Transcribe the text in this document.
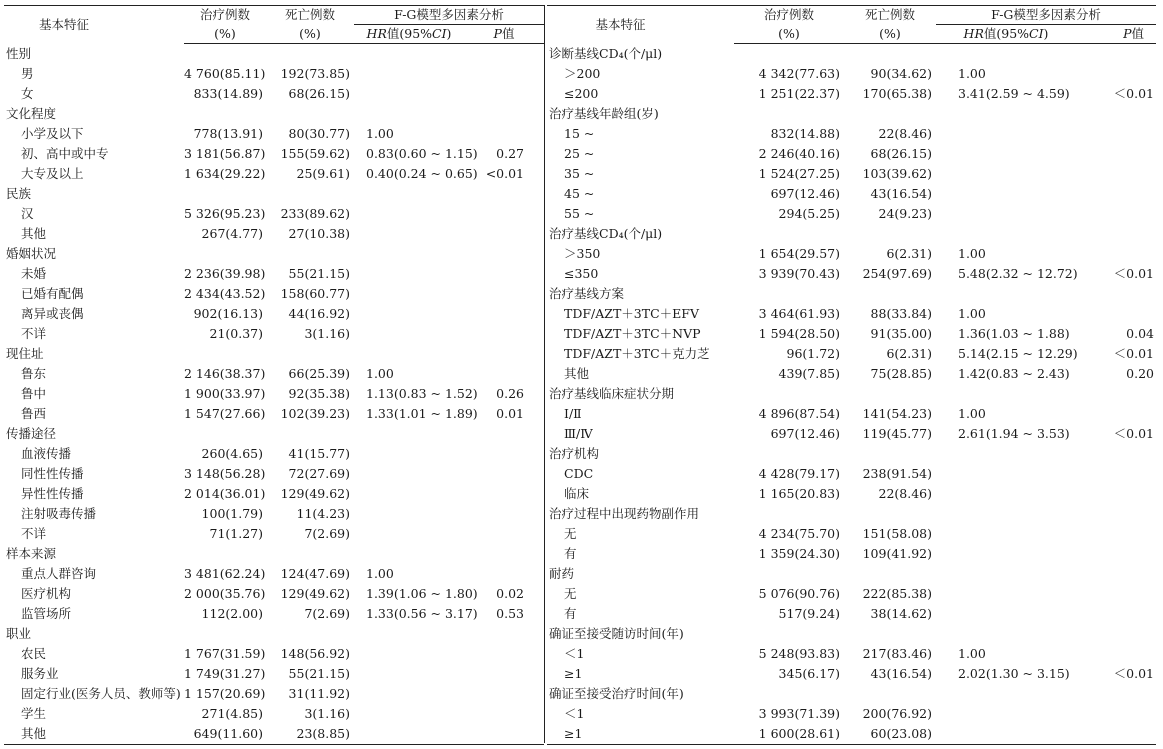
基本特征	治疗例数	死亡例数	F-G模型多因素分析	
	(%)	(%)	HR值(95%CI)	P值
性别				
男	4 760(85.11)	192(73.85)		
女	833(14.89)	68(26.15)		
文化程度				
小学及以下	778(13.91)	80(30.77)	1.00	
初、高中或中专	3 181(56.87)	155(59.62)	0.83(0.60 ~ 1.15)	0.27
大专及以上	1 634(29.22)	25(9.61)	0.40(0.24 ~ 0.65)	<0.01
民族				
汉	5 326(95.23)	233(89.62)		
其他	267(4.77)	27(10.38)		
婚姻状况				
未婚	2 236(39.98)	55(21.15)		
已婚有配偶	2 434(43.52)	158(60.77)		
离异或丧偶	902(16.13)	44(16.92)		
不详	21(0.37)	3(1.16)		
现住址				
鲁东	2 146(38.37)	66(25.39)	1.00	
鲁中	1 900(33.97)	92(35.38)	1.13(0.83 ~ 1.52)	0.26
鲁西	1 547(27.66)	102(39.23)	1.33(1.01 ~ 1.89)	0.01
传播途径				
血液传播	260(4.65)	41(15.77)		
同性性传播	3 148(56.28)	72(27.69)		
异性性传播	2 014(36.01)	129(49.62)		
注射吸毒传播	100(1.79)	11(4.23)		
不详	71(1.27)	7(2.69)		
样本来源				
重点人群咨询	3 481(62.24)	124(47.69)	1.00	
医疗机构	2 000(35.76)	129(49.62)	1.39(1.06 ~ 1.80)	0.02
监管场所	112(2.00)	7(2.69)	1.33(0.56 ~ 3.17)	0.53
职业				
农民	1 767(31.59)	148(56.92)		
服务业	1 749(31.27)	55(21.15)		
固定行业(医务人员、教师等)	1 157(20.69)	31(11.92)		
学生	271(4.85)	3(1.16)		
其他	649(11.60)	23(8.85)		
基本特征	治疗例数	死亡例数	F-G模型多因素分析	
	(%)	(%)	HR值(95%CI)	P值
诊断基线CD₄(个/μl)				
＞200	4 342(77.63)	90(34.62)	1.00	
≤200	1 251(22.37)	170(65.38)	3.41(2.59 ~ 4.59)	＜0.01
治疗基线年龄组(岁)				
15 ~	832(14.88)	22(8.46)		
25 ~	2 246(40.16)	68(26.15)		
35 ~	1 524(27.25)	103(39.62)		
45 ~	697(12.46)	43(16.54)		
55 ~	294(5.25)	24(9.23)		
治疗基线CD₄(个/μl)				
＞350	1 654(29.57)	6(2.31)	1.00	
≤350	3 939(70.43)	254(97.69)	5.48(2.32 ~ 12.72)	＜0.01
治疗基线方案				
TDF/AZT＋3TC＋EFV	3 464(61.93)	88(33.84)	1.00	
TDF/AZT＋3TC＋NVP	1 594(28.50)	91(35.00)	1.36(1.03 ~ 1.88)	0.04
TDF/AZT＋3TC＋克力芝	96(1.72)	6(2.31)	5.14(2.15 ~ 12.29)	＜0.01
其他	439(7.85)	75(28.85)	1.42(0.83 ~ 2.43)	0.20
治疗基线临床症状分期				
Ⅰ/Ⅱ	4 896(87.54)	141(54.23)	1.00	
Ⅲ/Ⅳ	697(12.46)	119(45.77)	2.61(1.94 ~ 3.53)	＜0.01
治疗机构				
CDC	4 428(79.17)	238(91.54)		
临床	1 165(20.83)	22(8.46)		
治疗过程中出现药物副作用				
无	4 234(75.70)	151(58.08)		
有	1 359(24.30)	109(41.92)		
耐药				
无	5 076(90.76)	222(85.38)		
有	517(9.24)	38(14.62)		
确证至接受随访时间(年)				
＜1	5 248(93.83)	217(83.46)	1.00	
≥1	345(6.17)	43(16.54)	2.02(1.30 ~ 3.15)	＜0.01
确证至接受治疗时间(年)				
＜1	3 993(71.39)	200(76.92)		
≥1	1 600(28.61)	60(23.08)		
